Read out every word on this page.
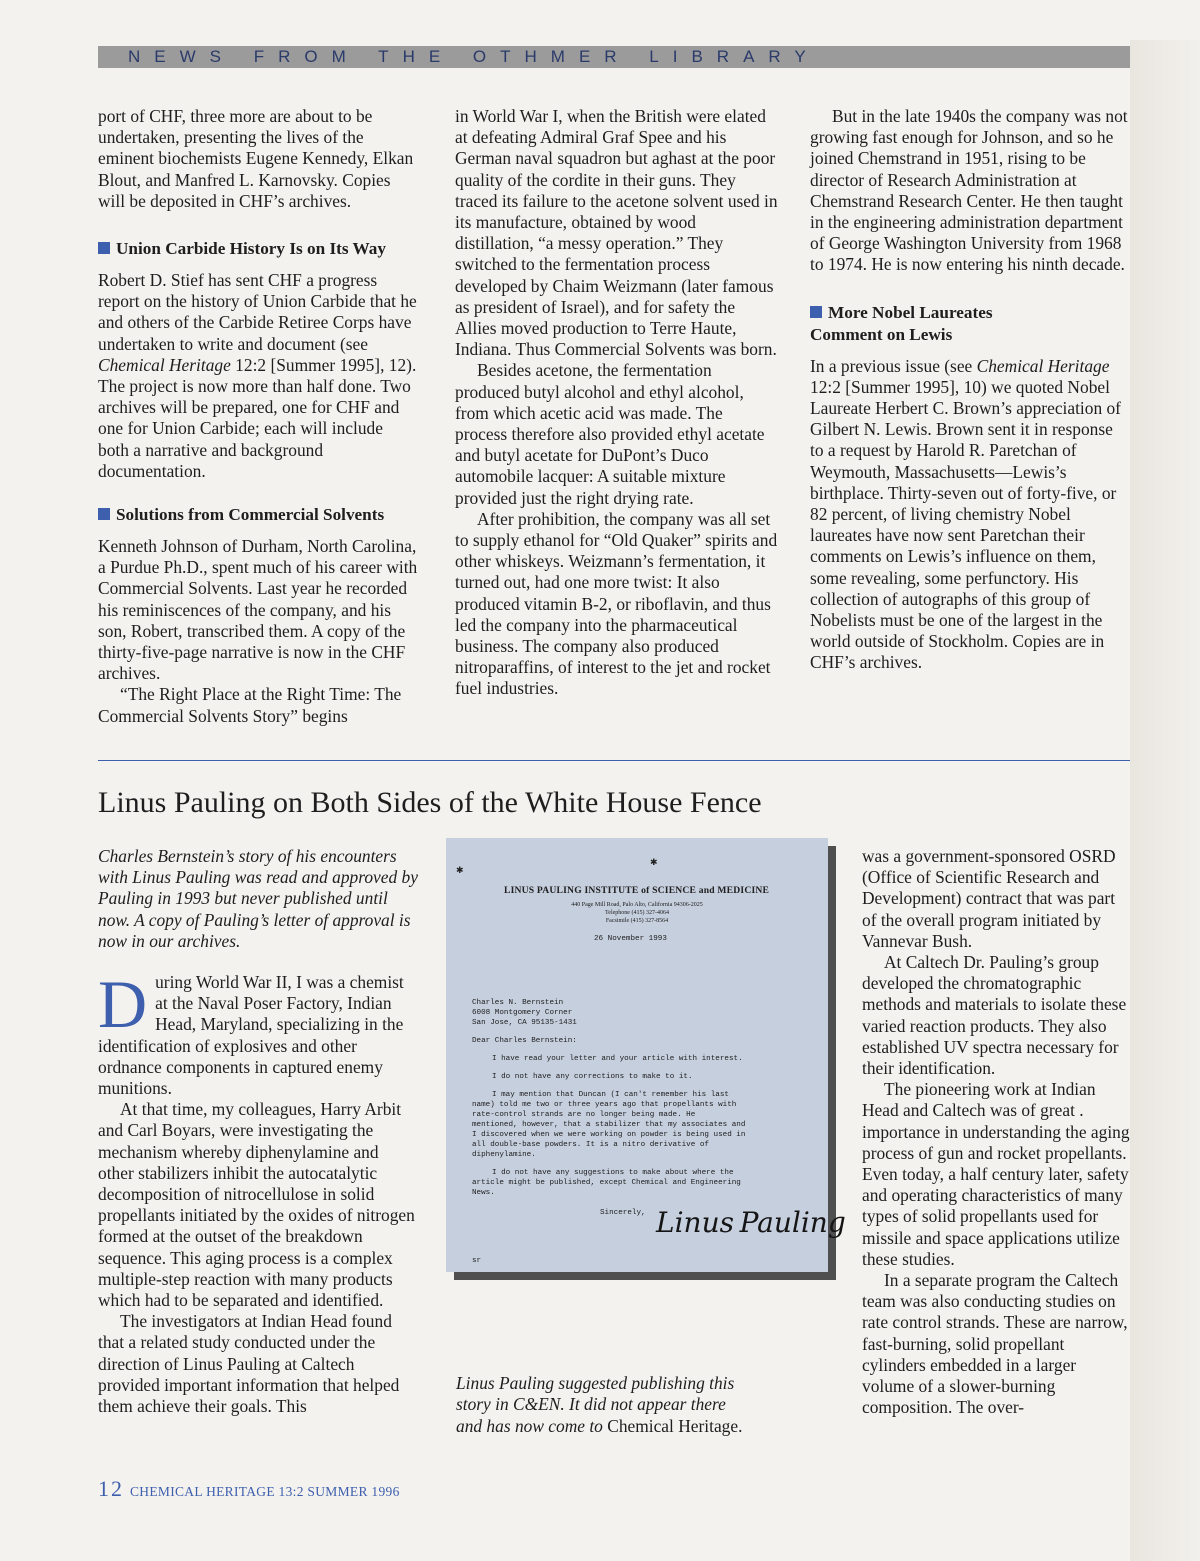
NEWS FROM THE OTHMER LIBRARY

port of CHF, three more are about to be undertaken, presenting the lives of the eminent biochemists Eugene Kennedy, Elkan Blout, and Manfred L. Karnovsky. Copies will be deposited in CHF’s archives.

Union Carbide History Is on Its Way

Robert D. Stief has sent CHF a progress report on the history of Union Carbide that he and others of the Carbide Retiree Corps have undertaken to write and document (see Chemical Heritage 12:2 [Summer 1995], 12). The project is now more than half done. Two archives will be prepared, one for CHF and one for Union Carbide; each will include both a narrative and background documentation.

Solutions from Commercial Solvents

Kenneth Johnson of Durham, North Carolina, a Purdue Ph.D., spent much of his career with Commercial Solvents. Last year he recorded his reminiscences of the company, and his son, Robert, transcribed them. A copy of the thirty-five-page narrative is now in the CHF archives.

“The Right Place at the Right Time: The Commercial Solvents Story” begins

in World War I, when the British were elated at defeating Admiral Graf Spee and his German naval squadron but aghast at the poor quality of the cordite in their guns. They traced its failure to the acetone solvent used in its manufacture, obtained by wood distillation, “a messy operation.” They switched to the fermentation process developed by Chaim Weizmann (later famous as president of Israel), and for safety the Allies moved production to Terre Haute, Indiana. Thus Commercial Solvents was born.

Besides acetone, the fermentation produced butyl alcohol and ethyl alcohol, from which acetic acid was made. The process therefore also provided ethyl acetate and butyl acetate for DuPont’s Duco automobile lacquer: A suitable mixture provided just the right drying rate.

After prohibition, the company was all set to supply ethanol for “Old Quaker” spirits and other whiskeys. Weizmann’s fermentation, it turned out, had one more twist: It also produced vitamin B-2, or riboflavin, and thus led the company into the pharmaceutical business. The company also produced nitroparaffins, of interest to the jet and rocket fuel industries.

But in the late 1940s the company was not growing fast enough for Johnson, and so he joined Chemstrand in 1951, rising to be director of Research Administration at Chemstrand Research Center. He then taught in the engineering administration department of George Washington University from 1968 to 1974. He is now entering his ninth decade.

More Nobel Laureates
Comment on Lewis

In a previous issue (see Chemical Heritage 12:2 [Summer 1995], 10) we quoted Nobel Laureate Herbert C. Brown’s appreciation of Gilbert N. Lewis. Brown sent it in response to a request by Harold R. Paretchan of Weymouth, Massachusetts—Lewis’s birthplace. Thirty-seven out of forty-five, or 82 percent, of living chemistry Nobel laureates have now sent Paretchan their comments on Lewis’s influence on them, some revealing, some perfunctory. His collection of autographs of this group of Nobelists must be one of the largest in the world outside of Stockholm. Copies are in CHF’s archives.

Linus Pauling on Both Sides of the White House Fence

Charles Bernstein’s story of his encounters with Linus Pauling was read and approved by Pauling in 1993 but never published until now. A copy of Pauling’s letter of approval is now in our archives.

During World War II, I was a chemist at the Naval Poser Factory, Indian Head, Maryland, specializing in the identification of explosives and other ordnance components in captured enemy munitions.

At that time, my colleagues, Harry Arbit and Carl Boyars, were investigating the mechanism whereby diphenylamine and other stabilizers inhibit the autocatalytic decomposition of nitrocellulose in solid propellants initiated by the oxides of nitrogen formed at the outset of the breakdown sequence. This aging process is a complex multiple-step reaction with many products which had to be separated and identified.

The investigators at Indian Head found that a related study conducted under the direction of Linus Pauling at Caltech provided important information that helped them achieve their goals. This

✱
✱
LINUS PAULING INSTITUTE of SCIENCE and MEDICINE
440 Page Mill Road, Palo Alto, California 94306-2025
Telephone (415) 327-4064
Facsimile (415) 327-8564
26 November 1993
Charles N. Bernstein
6008 Montgomery Corner
San Jose, CA 95135-1431
Dear Charles Bernstein:
I have read your letter and your article with interest.
I do not have any corrections to make to it.
I may mention that Duncan (I can't remember his last
name) told me two or three years ago that propellants with
rate-control strands are no longer being made. He
mentioned, however, that a stabilizer that my associates and
I discovered when we were working on powder is being used in
all double-base powders. It is a nitro derivative of
diphenylamine.
I do not have any suggestions to make about where the
article might be published, except Chemical and Engineering
News.
Sincerely, Linus Pauling
sr
Linus Pauling suggested publishing this story in C&EN. It did not appear there and has now come to Chemical Heritage.

was a government-sponsored OSRD (Office of Scientific Research and Development) contract that was part of the overall program initiated by Vannevar Bush.

At Caltech Dr. Pauling’s group developed the chromatographic methods and materials to isolate these varied reaction products. They also established UV spectra necessary for their identification.

The pioneering work at Indian Head and Caltech was of great . importance in understanding the aging process of gun and rocket propellants. Even today, a half century later, safety and operating characteristics of many types of solid propellants used for missile and space applications utilize these studies.

In a separate program the Caltech team was also conducting studies on rate control strands. These are narrow, fast-burning, solid propellant cylinders embedded in a larger volume of a slower-burning composition. The over-

12 CHEMICAL HERITAGE 13:2 SUMMER 1996
